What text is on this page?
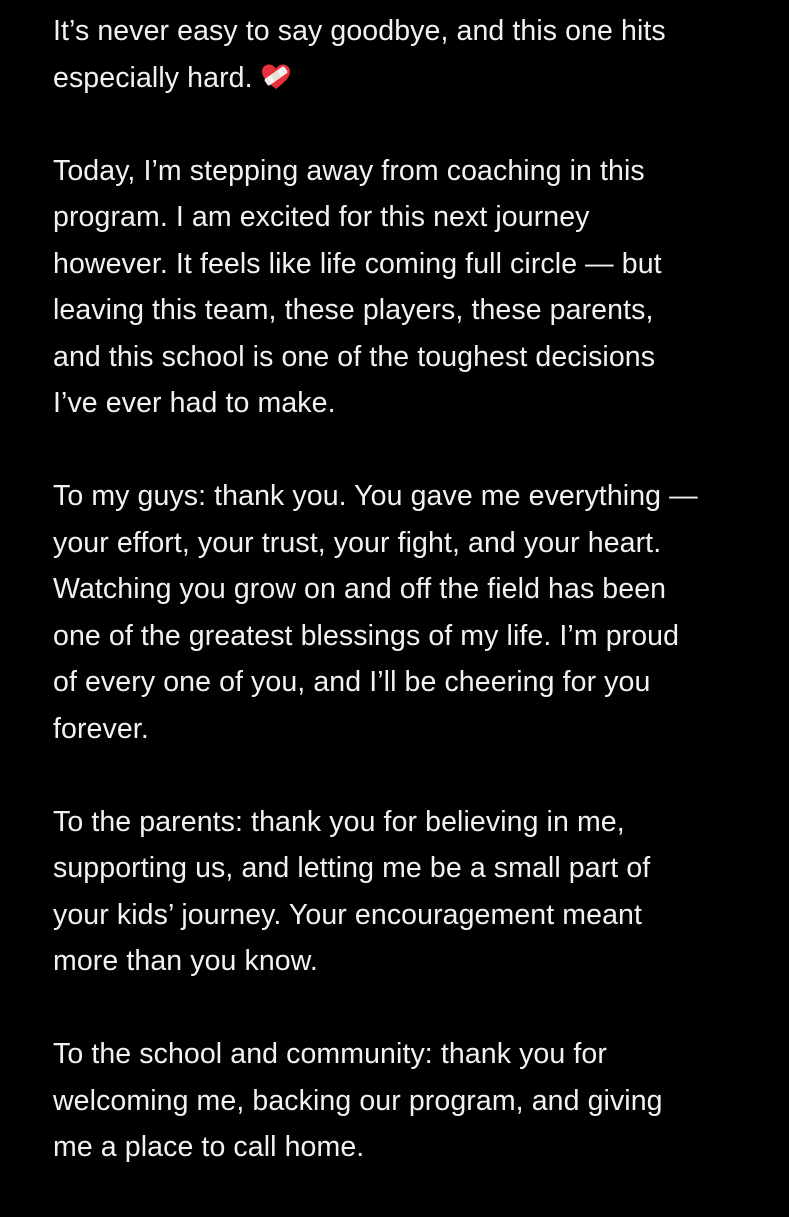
It’s never easy to say goodbye, and this one hits
especially hard.

Today, I’m stepping away from coaching in this
program. I am excited for this next journey
however. It feels like life coming full circle — but
leaving this team, these players, these parents,
and this school is one of the toughest decisions
I’ve ever had to make.

To my guys: thank you. You gave me everything —
your effort, your trust, your fight, and your heart.
Watching you grow on and off the field has been
one of the greatest blessings of my life. I’m proud
of every one of you, and I’ll be cheering for you
forever.

To the parents: thank you for believing in me,
supporting us, and letting me be a small part of
your kids’ journey. Your encouragement meant
more than you know.

To the school and community: thank you for
welcoming me, backing our program, and giving
me a place to call home.
